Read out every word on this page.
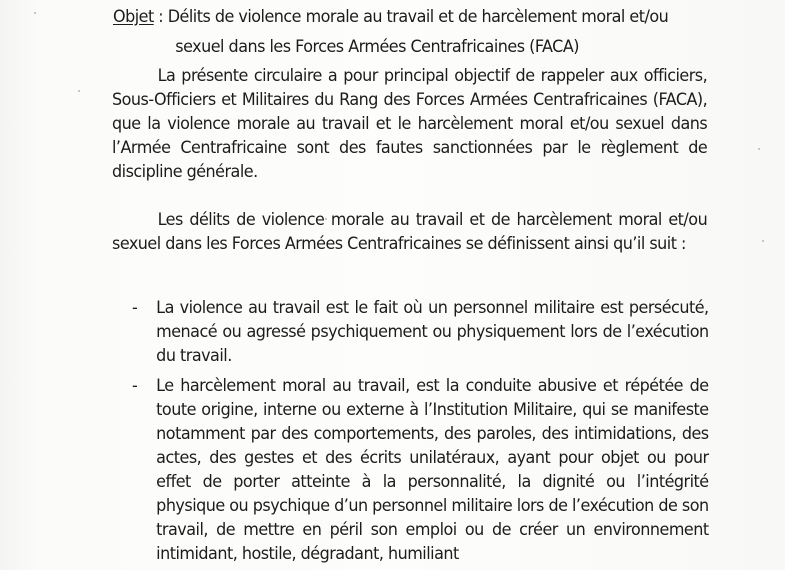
Objet : Délits de violence morale au travail et de harcèlement moral et/ou
sexuel dans les Forces Armées Centrafricaines (FACA)

La présente circulaire a pour principal objectif de rappeler aux officiers, Sous-Officiers et Militaires du Rang des Forces Armées Centrafricaines (FACA), que la violence morale au travail et le harcèlement moral et/ou sexuel dans l’Armée Centrafricaine sont des fautes sanctionnées par le règlement de discipline générale.

Les délits de violence morale au travail et de harcèlement moral et/ou sexuel dans les Forces Armées Centrafricaines se définissent ainsi qu’il suit :

- La violence au travail est le fait où un personnel militaire est persécuté, menacé ou agressé psychiquement ou physiquement lors de l’exécution du travail.
- Le harcèlement moral au travail, est la conduite abusive et répétée de toute origine, interne ou externe à l’Institution Militaire, qui se manifeste notamment par des comportements, des paroles, des intimidations, des actes, des gestes et des écrits unilatéraux, ayant pour objet ou pour effet de porter atteinte à la personnalité, la dignité ou l’intégrité physique ou psychique d’un personnel militaire lors de l’exécution de son travail, de mettre en péril son emploi ou de créer un environnement intimidant, hostile, dégradant, humiliant
